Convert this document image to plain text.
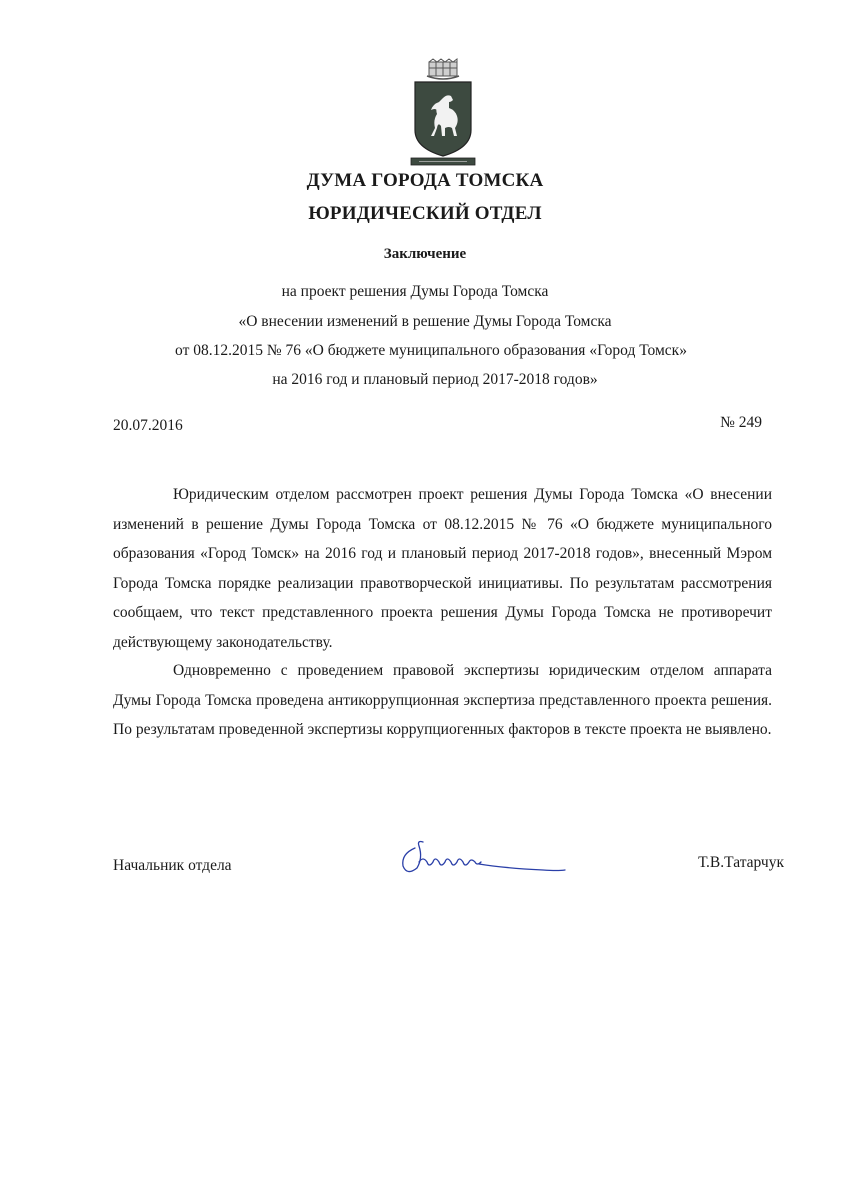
ДУМА ГОРОДА ТОМСКА
ЮРИДИЧЕСКИЙ ОТДЕЛ
Заключение
на проект решения Думы Города Томска
«О внесении изменений в решение Думы Города Томска
от 08.12.2015 № 76 «О бюджете муниципального образования «Город Томск»
на 2016 год и плановый период 2017-2018 годов»
20.07.2016	№ 249

Юридическим отделом рассмотрен проект решения Думы Города Томска «О внесении изменений в решение Думы Города Томска от 08.12.2015 № 76 «О бюджете муниципального образования «Город Томск» на 2016 год и плановый период 2017-2018 годов», внесенный Мэром Города Томска порядке реализации правотворческой инициативы. По результатам рассмотрения сообщаем, что текст представленного проекта решения Думы Города Томска не противоречит действующему законодательству.

Одновременно с проведением правовой экспертизы юридическим отделом аппарата Думы Города Томска проведена антикоррупционная экспертиза представленного проекта решения. По результатам проведенной экспертизы коррупциогенных факторов в тексте проекта не выявлено.

Начальник отдела	Т.В.Татарчук
